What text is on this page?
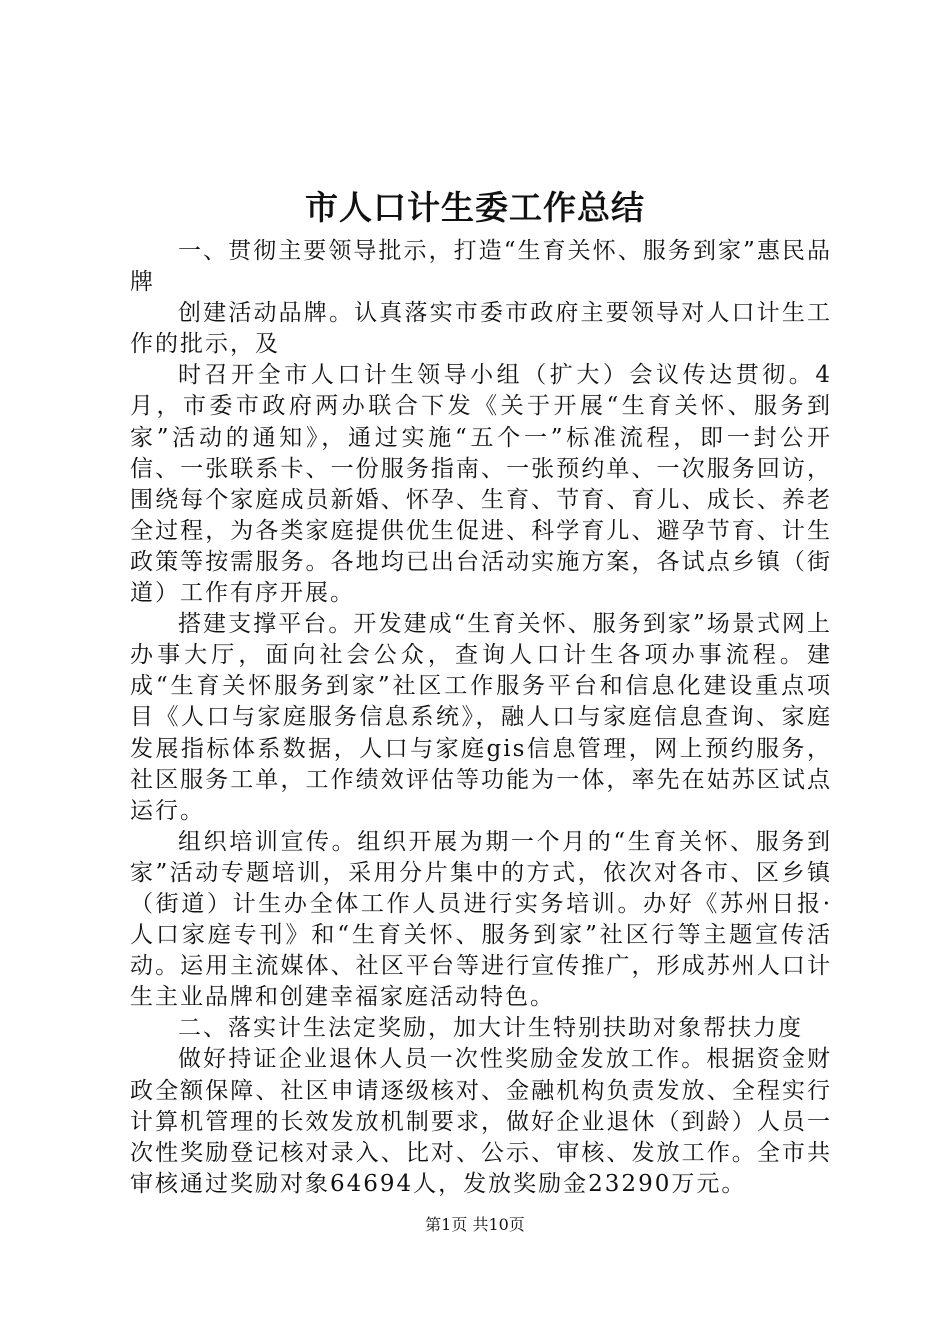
市人口计生委工作总结

一、贯彻主要领导批示，打造“生育关怀、服务到家”惠民品牌

创建活动品牌。认真落实市委市政府主要领导对人口计生工作的批示，及

时召开全市人口计生领导小组（扩大）会议传达贯彻。4月，市委市政府两办联合下发《关于开展“生育关怀、服务到家”活动的通知》，通过实施“五个一”标准流程，即一封公开信、一张联系卡、一份服务指南、一张预约单、一次服务回访，围绕每个家庭成员新婚、怀孕、生育、节育、育儿、成长、养老全过程，为各类家庭提供优生促进、科学育儿、避孕节育、计生政策等按需服务。各地均已出台活动实施方案，各试点乡镇（街道）工作有序开展。

搭建支撑平台。开发建成“生育关怀、服务到家”场景式网上办事大厅，面向社会公众，查询人口计生各项办事流程。建成“生育关怀服务到家”社区工作服务平台和信息化建设重点项目《人口与家庭服务信息系统》，融人口与家庭信息查询、家庭发展指标体系数据，人口与家庭gis信息管理，网上预约服务，社区服务工单，工作绩效评估等功能为一体，率先在姑苏区试点运行。

组织培训宣传。组织开展为期一个月的“生育关怀、服务到家”活动专题培训，采用分片集中的方式，依次对各市、区乡镇（街道）计生办全体工作人员进行实务培训。办好《苏州日报·人口家庭专刊》和“生育关怀、服务到家”社区行等主题宣传活动。运用主流媒体、社区平台等进行宣传推广，形成苏州人口计生主业品牌和创建幸福家庭活动特色。

二、落实计生法定奖励，加大计生特别扶助对象帮扶力度

做好持证企业退休人员一次性奖励金发放工作。根据资金财政全额保障、社区申请逐级核对、金融机构负责发放、全程实行计算机管理的长效发放机制要求，做好企业退休（到龄）人员一次性奖励登记核对录入、比对、公示、审核、发放工作。全市共审核通过奖励对象64694人，发放奖励金23290万元。

第1页 共10页
